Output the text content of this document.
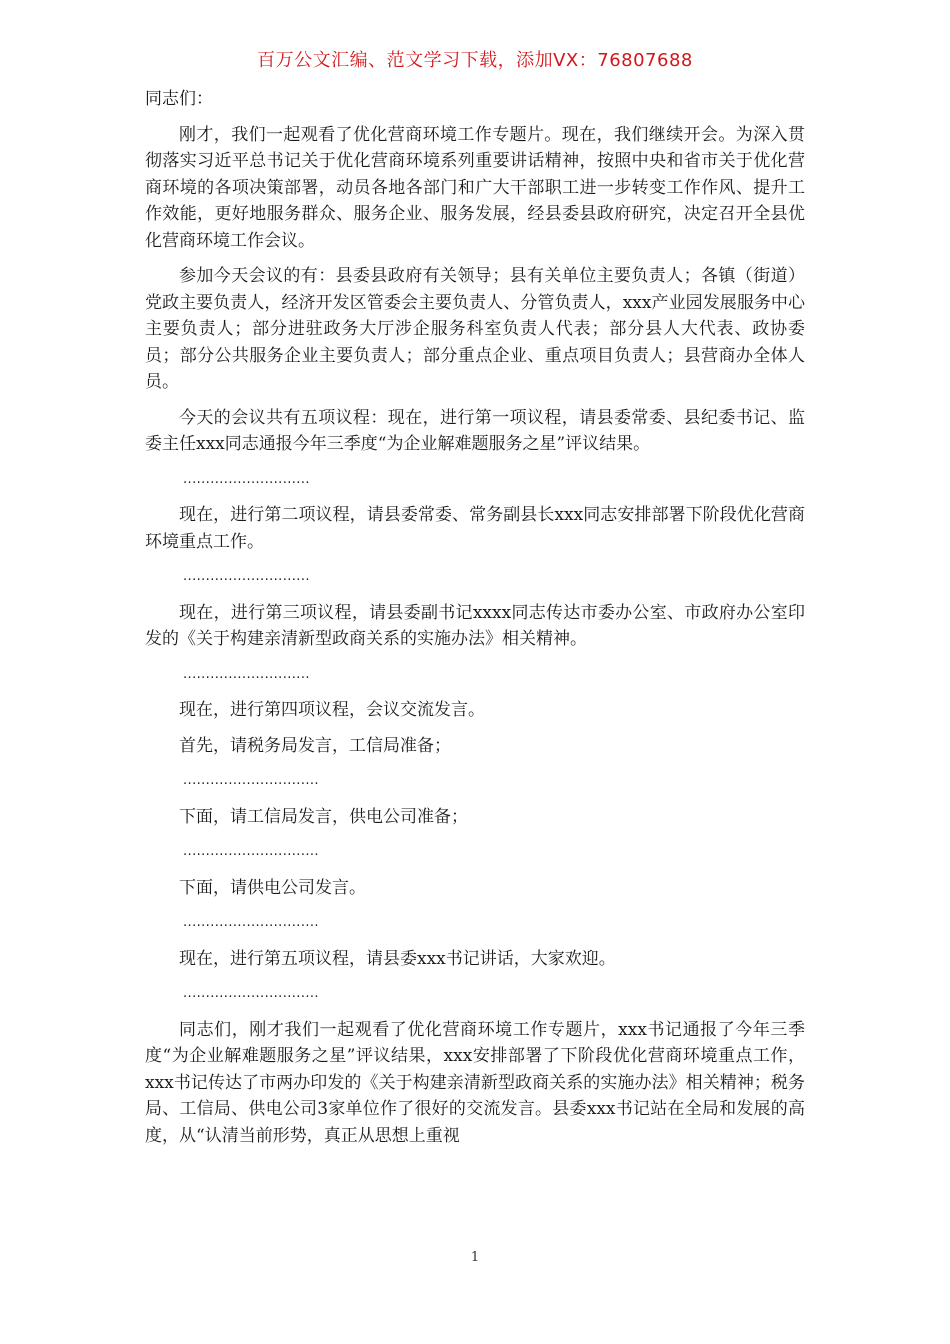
百万公文汇编、范文学习下载，添加VX：76807688

同志们：

刚才，我们一起观看了优化营商环境工作专题片。现在，我们继续开会。为深入贯彻落实习近平总书记关于优化营商环境系列重要讲话精神，按照中央和省市关于优化营商环境的各项决策部署，动员各地各部门和广大干部职工进一步转变工作作风、提升工作效能，更好地服务群众、服务企业、服务发展，经县委县政府研究，决定召开全县优化营商环境工作会议。

参加今天会议的有：县委县政府有关领导；县有关单位主要负责人；各镇（街道）党政主要负责人，经济开发区管委会主要负责人、分管负责人，xxx产业园发展服务中心主要负责人；部分进驻政务大厅涉企服务科室负责人代表；部分县人大代表、政协委员；部分公共服务企业主要负责人；部分重点企业、重点项目负责人；县营商办全体人员。

今天的会议共有五项议程：现在，进行第一项议程，请县委常委、县纪委书记、监委主任xxx同志通报今年三季度“为企业解难题服务之星”评议结果。

............................

现在，进行第二项议程，请县委常委、常务副县长xxx同志安排部署下阶段优化营商环境重点工作。

............................

现在，进行第三项议程，请县委副书记xxxx同志传达市委办公室、市政府办公室印发的《关于构建亲清新型政商关系的实施办法》相关精神。

............................

现在，进行第四项议程，会议交流发言。

首先，请税务局发言，工信局准备；

..............................

下面，请工信局发言，供电公司准备；

..............................

下面，请供电公司发言。

..............................

现在，进行第五项议程，请县委xxx书记讲话，大家欢迎。

..............................

同志们，刚才我们一起观看了优化营商环境工作专题片，xxx书记通报了今年三季度“为企业解难题服务之星”评议结果，xxx安排部署了下阶段优化营商环境重点工作，xxx书记传达了市两办印发的《关于构建亲清新型政商关系的实施办法》相关精神；税务局、工信局、供电公司3家单位作了很好的交流发言。县委xxx书记站在全局和发展的高度，从“认清当前形势，真正从思想上重视

1
